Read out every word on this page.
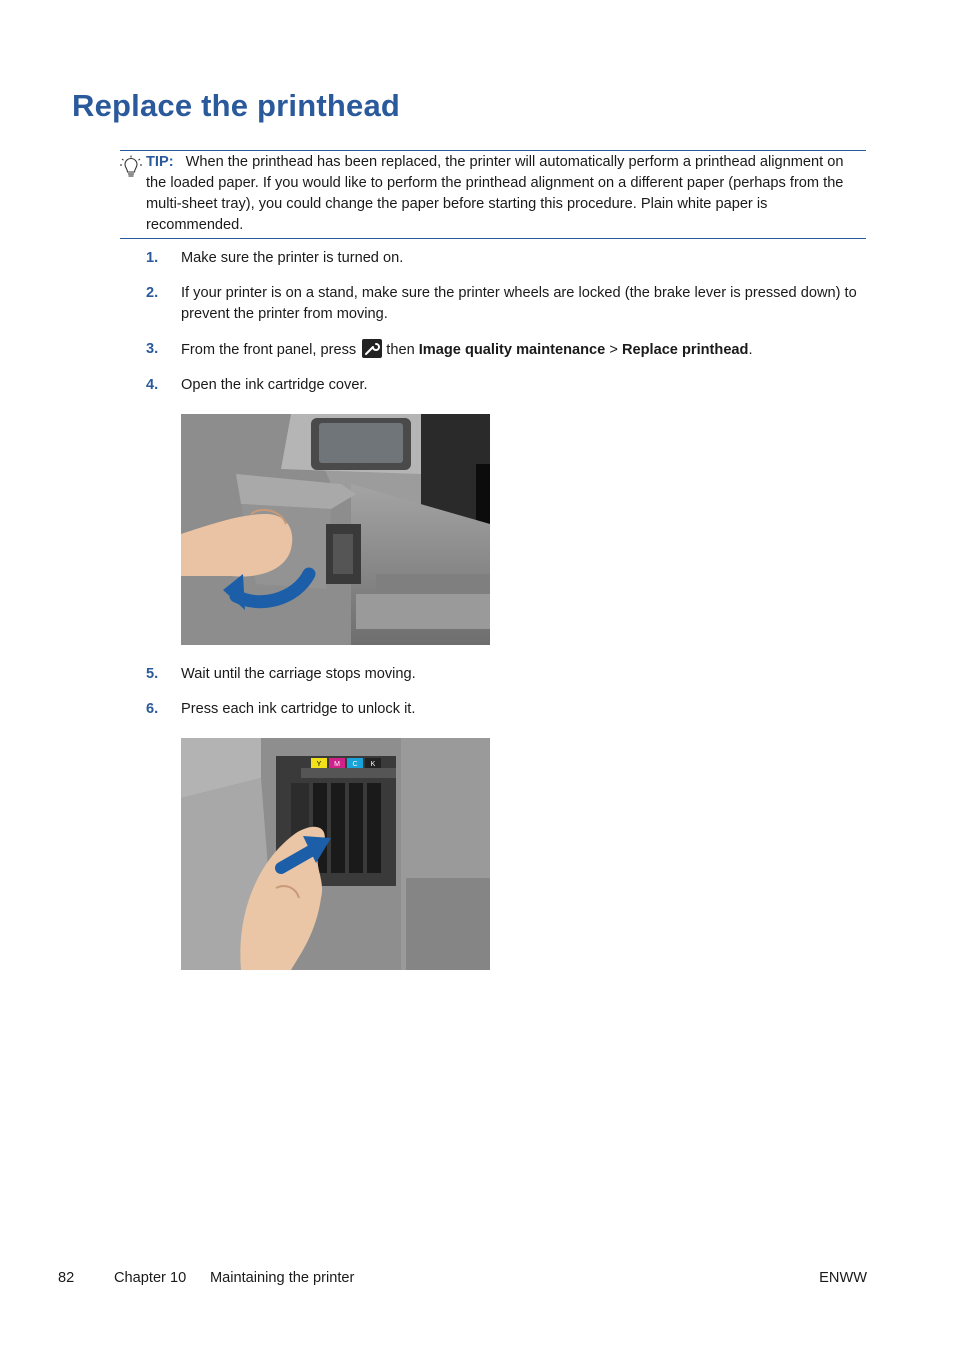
Replace the printhead
TIP: When the printhead has been replaced, the printer will automatically perform a printhead alignment on the loaded paper. If you would like to perform the printhead alignment on a different paper (perhaps from the multi-sheet tray), you could change the paper before starting this procedure. Plain white paper is recommended.
1. Make sure the printer is turned on.
2. If your printer is on a stand, make sure the printer wheels are locked (the brake lever is pressed down) to prevent the printer from moving.
3. From the front panel, press then Image quality maintenance > Replace printhead.
4. Open the ink cartridge cover.
5. Wait until the carriage stops moving.
6. Press each ink cartridge to unlock it.
Y M C K
82	Chapter 10 Maintaining the printer	ENWW
